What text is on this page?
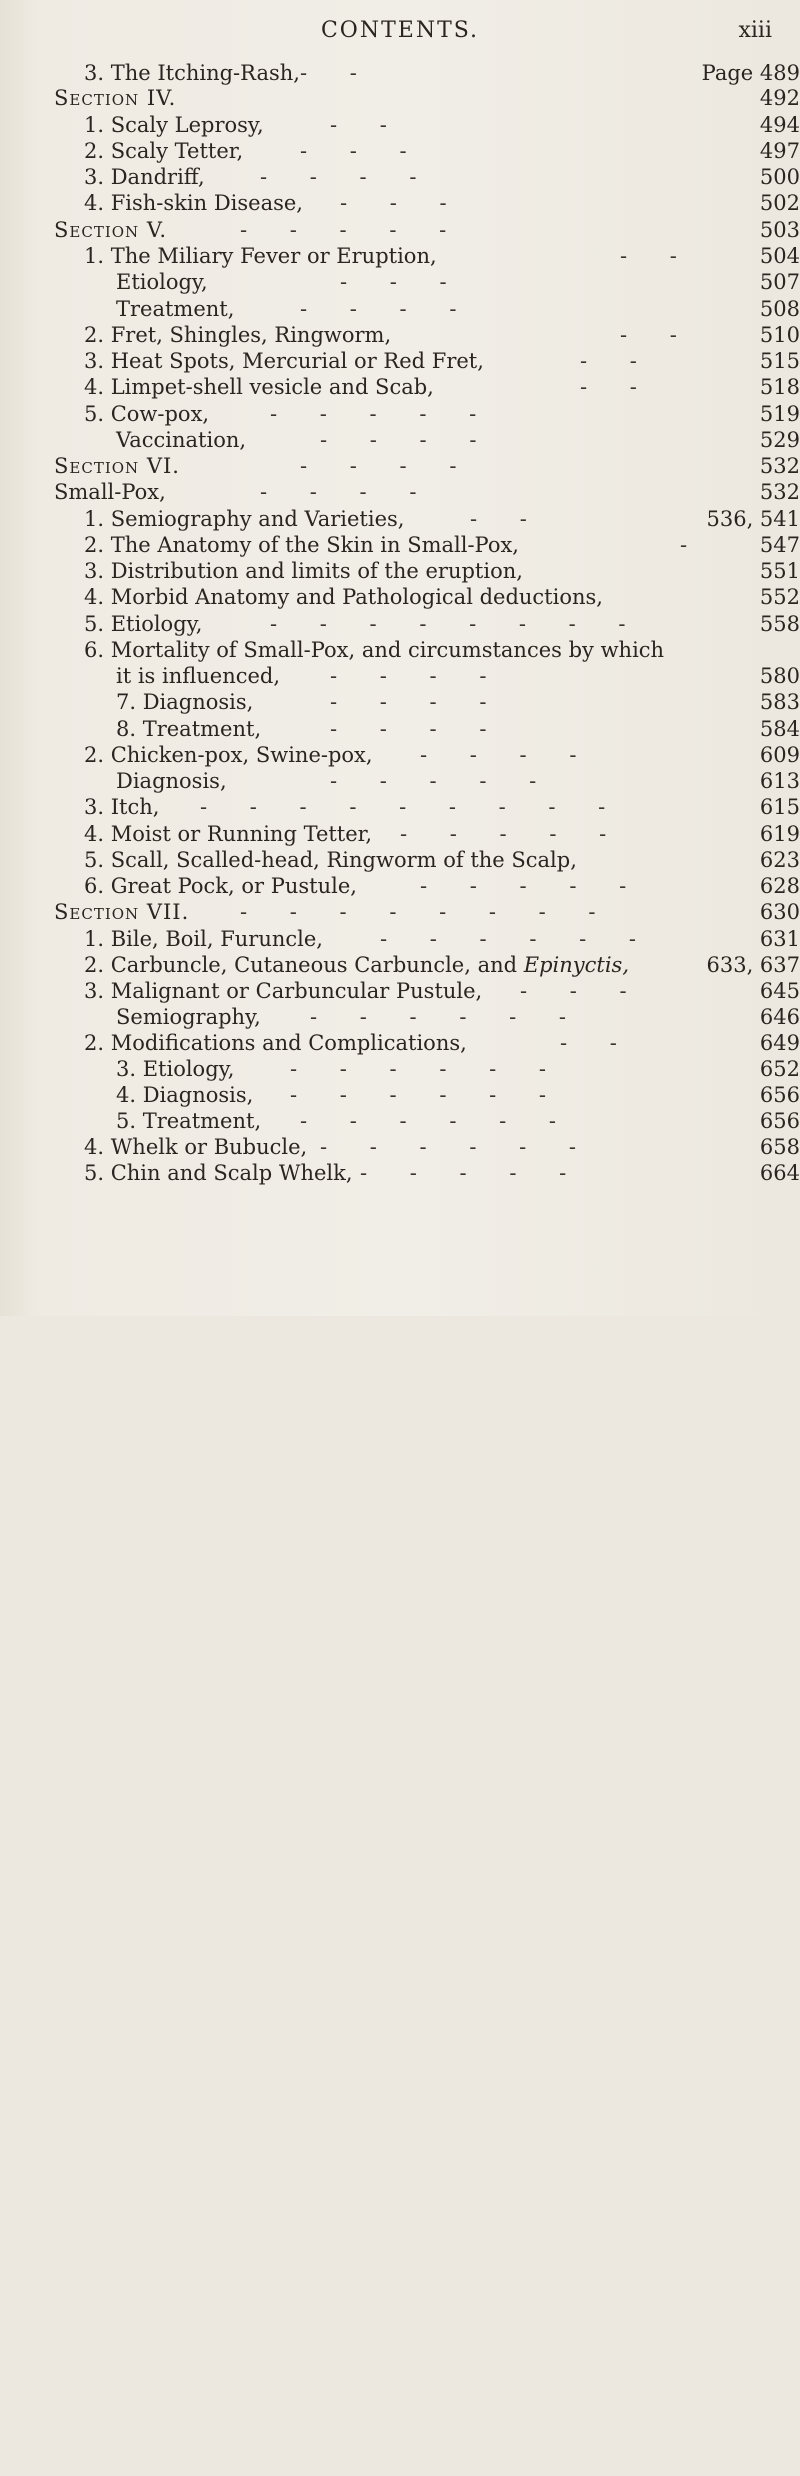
CONTENTS.	xiii
3. The Itching-Rash, - -	Page 489
Section IV.	492
1. Scaly Leprosy,	- -	494
2. Scaly Tetter,	- - -	497
3. Dandriff,	- - - -	500
4. Fish-skin Disease, - - -	502
Section V.	- - - - -	503
1. The Miliary Fever or Eruption,	- -	504
Etiology,	- - -	507
Treatment,	- - - -	508
2. Fret, Shingles, Ringworm,	- -	510
3. Heat Spots, Mercurial or Red Fret,	- -	515
4. Limpet-shell vesicle and Scab,	- -	518
5. Cow-pox,	- - - - -	519
Vaccination,	- - - -	529
Section VI.	- - - -	532
Small-Pox,	- - - -	532
1. Semiography and Varieties,	- -	536, 541
2. The Anatomy of the Skin in Small-Pox,	-	547
3. Distribution and limits of the eruption,	551
4. Morbid Anatomy and Pathological deductions,	552
5. Etiology,	- - - - - - - -	558
6. Mortality of Small-Pox, and circumstances by which
it is influenced, - - - -	580
7. Diagnosis,	- - - -	583
8. Treatment,	- - - -	584
2. Chicken-pox, Swine-pox, - - - -	609
Diagnosis,	- - - - -	613
3. Itch, - - - - - - - - -	615
4. Moist or Running Tetter, - - - - -	619
5. Scall, Scalled-head, Ringworm of the Scalp,	623
6. Great Pock, or Pustule,	- - - - -	628
Section VII. - - - - - - - -	630
1. Bile, Boil, Furuncle,	- - - - - -	631
2. Carbuncle, Cutaneous Carbuncle, and Epinyctis,	633, 637
3. Malignant or Carbuncular Pustule, - - -	645
Semiography, - - - - - -	646
2. Modifications and Complications,	- -	649
3. Etiology,	- - - - - -	652
4. Diagnosis, - - - - - -	656
5. Treatment, - - - - - -	656
4. Whelk or Bubucle, - - - - - -	658
5. Chin and Scalp Whelk, - - - - -	664
